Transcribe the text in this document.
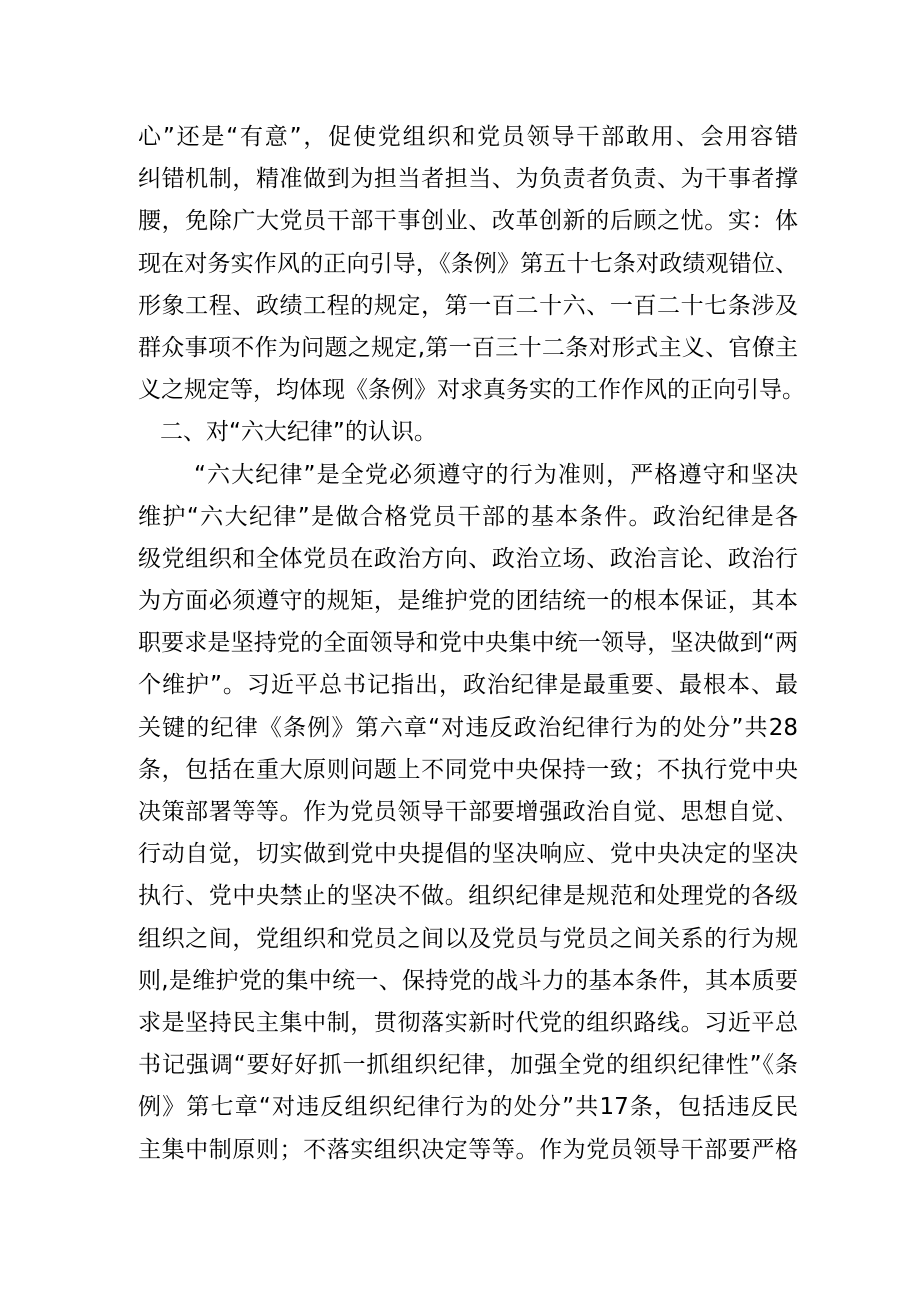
心”还是“有意”，促使党组织和党员领导干部敢用、会用容错
纠错机制，精准做到为担当者担当、为负责者负责、为干事者撑
腰，免除广大党员干部干事创业、改革创新的后顾之忧。实：体
现在对务实作风的正向引导，《条例》第五十七条对政绩观错位、
形象工程、政绩工程的规定，第一百二十六、一百二十七条涉及
群众事项不作为问题之规定,第一百三十二条对形式主义、官僚主
义之规定等，均体现《条例》对求真务实的工作作风的正向引导。
二、对“六大纪律”的认识。
“六大纪律”是全党必须遵守的行为准则，严格遵守和坚决
维护“六大纪律”是做合格党员干部的基本条件。政治纪律是各
级党组织和全体党员在政治方向、政治立场、政治言论、政治行
为方面必须遵守的规矩，是维护党的团结统一的根本保证，其本
职要求是坚持党的全面领导和党中央集中统一领导，坚决做到“两
个维护”。习近平总书记指出，政治纪律是最重要、最根本、最
关键的纪律《条例》第六章“对违反政治纪律行为的处分”共28
条，包括在重大原则问题上不同党中央保持一致；不执行党中央
决策部署等等。作为党员领导干部要增强政治自觉、思想自觉、
行动自觉，切实做到党中央提倡的坚决响应、党中央决定的坚决
执行、党中央禁止的坚决不做。组织纪律是规范和处理党的各级
组织之间，党组织和党员之间以及党员与党员之间关系的行为规
则,是维护党的集中统一、保持党的战斗力的基本条件，其本质要
求是坚持民主集中制，贯彻落实新时代党的组织路线。习近平总
书记强调“要好好抓一抓组织纪律，加强全党的组织纪律性”《条
例》第七章“对违反组织纪律行为的处分”共17条，包括违反民
主集中制原则；不落实组织决定等等。作为党员领导干部要严格
